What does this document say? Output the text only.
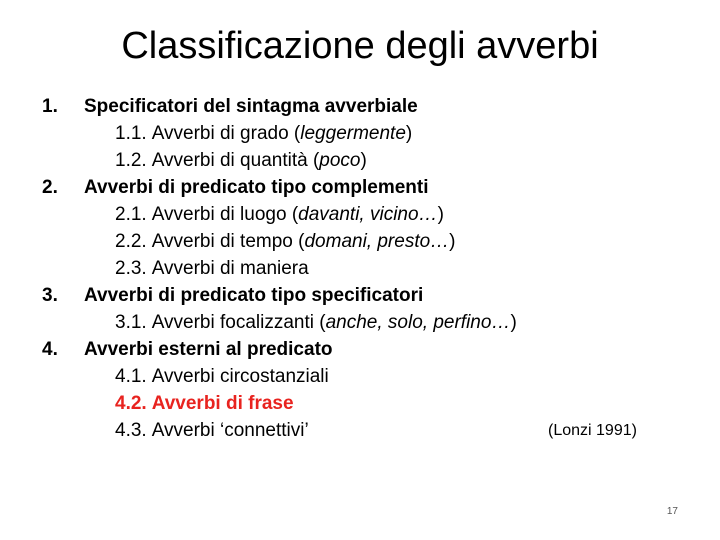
Classificazione degli avverbi
1. Specificatori del sintagma avverbiale
1.1. Avverbi di grado (leggermente)
1.2. Avverbi di quantità (poco)
2. Avverbi di predicato tipo complementi
2.1. Avverbi di luogo (davanti, vicino…)
2.2. Avverbi di tempo (domani, presto…)
2.3. Avverbi di maniera
3. Avverbi di predicato tipo specificatori
3.1. Avverbi focalizzanti (anche, solo, perfino…)
4. Avverbi esterni al predicato
4.1. Avverbi circostanziali
4.2. Avverbi di frase
4.3. Avverbi ‘connettivi’	(Lonzi 1991)
17
